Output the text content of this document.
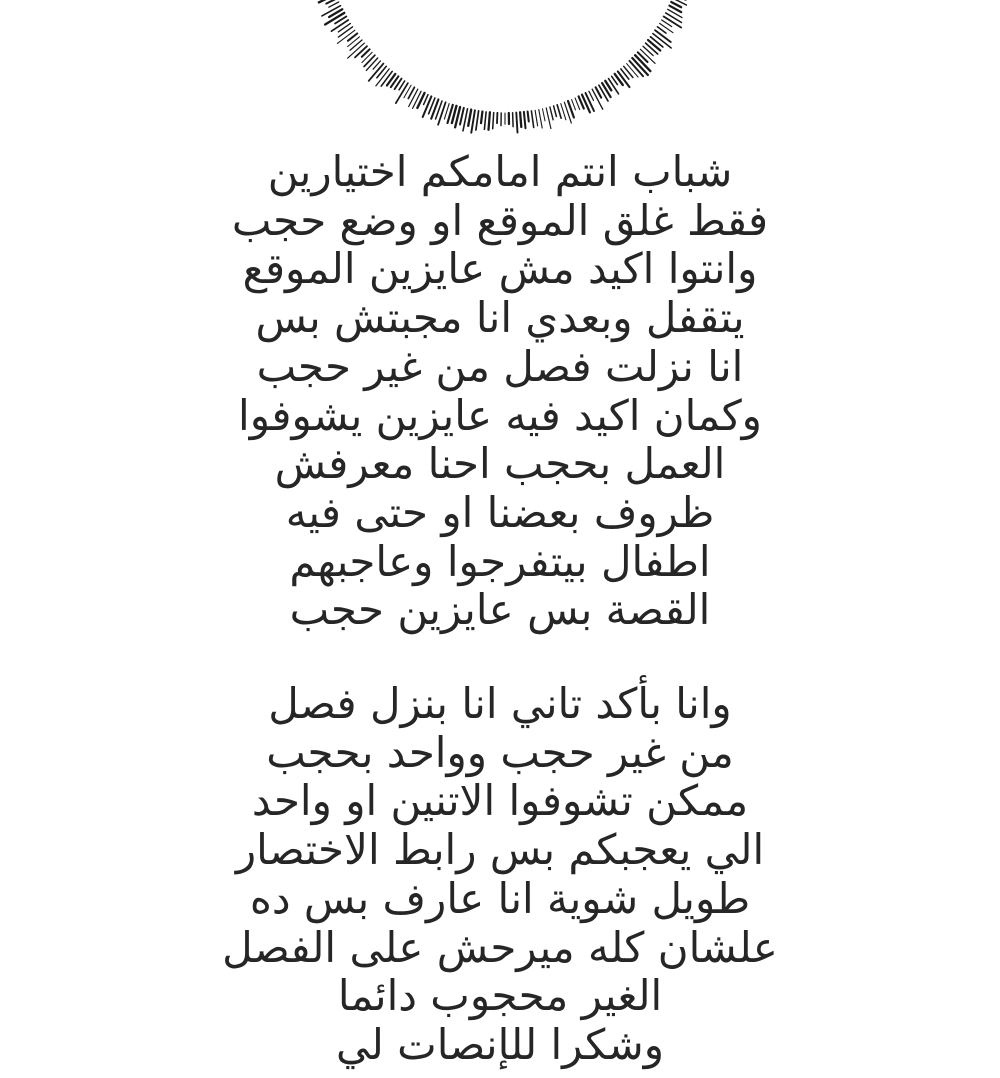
شباب انتم امامكم اختيارين
فقط غلق الموقع او وضع حجب
وانتوا اكيد مش عايزين الموقع
يتقفل وبعدي انا مجبتش بس
انا نزلت فصل من غير حجب
وكمان اكيد فيه عايزين يشوفوا
العمل بحجب احنا معرفش
ظروف بعضنا او حتى فيه
اطفال بيتفرجوا وعاجبهم
القصة بس عايزين حجب
وانا بأكد تاني انا بنزل فصل
من غير حجب وواحد بحجب
ممكن تشوفوا الاتنين او واحد
الي يعجبكم بس رابط الاختصار
طويل شوية انا عارف بس ده
علشان كله ميرحش على الفصل
الغير محجوب دائما
وشكرا للإنصات لي
